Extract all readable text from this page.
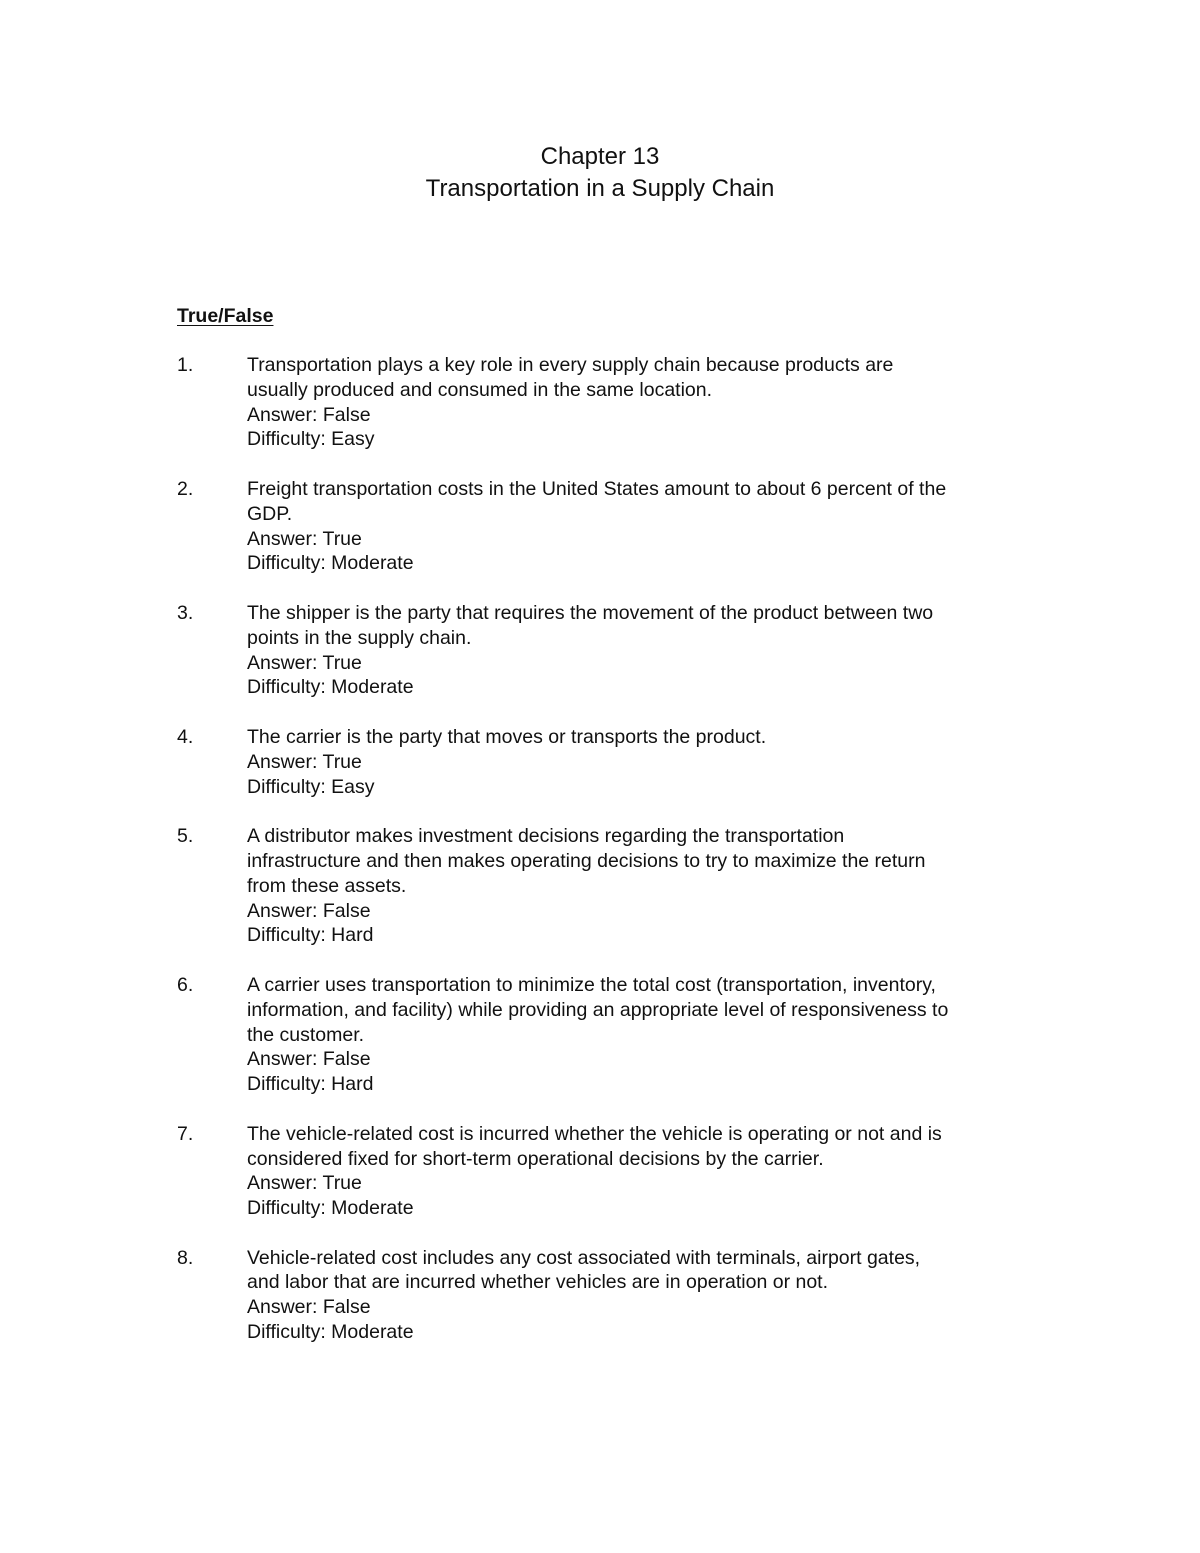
Chapter 13
Transportation in a Supply Chain
True/False
1.	Transportation plays a key role in every supply chain because products are
usually produced and consumed in the same location.
Answer: False
Difficulty: Easy
2.	Freight transportation costs in the United States amount to about 6 percent of the
GDP.
Answer: True
Difficulty: Moderate
3.	The shipper is the party that requires the movement of the product between two
points in the supply chain.
Answer: True
Difficulty: Moderate
4.	The carrier is the party that moves or transports the product.
Answer: True
Difficulty: Easy
5.	A distributor makes investment decisions regarding the transportation
infrastructure and then makes operating decisions to try to maximize the return
from these assets.
Answer: False
Difficulty: Hard
6.	A carrier uses transportation to minimize the total cost (transportation, inventory,
information, and facility) while providing an appropriate level of responsiveness to
the customer.
Answer: False
Difficulty: Hard
7.	The vehicle-related cost is incurred whether the vehicle is operating or not and is
considered fixed for short-term operational decisions by the carrier.
Answer: True
Difficulty: Moderate
8.	Vehicle-related cost includes any cost associated with terminals, airport gates,
and labor that are incurred whether vehicles are in operation or not.
Answer: False
Difficulty: Moderate
